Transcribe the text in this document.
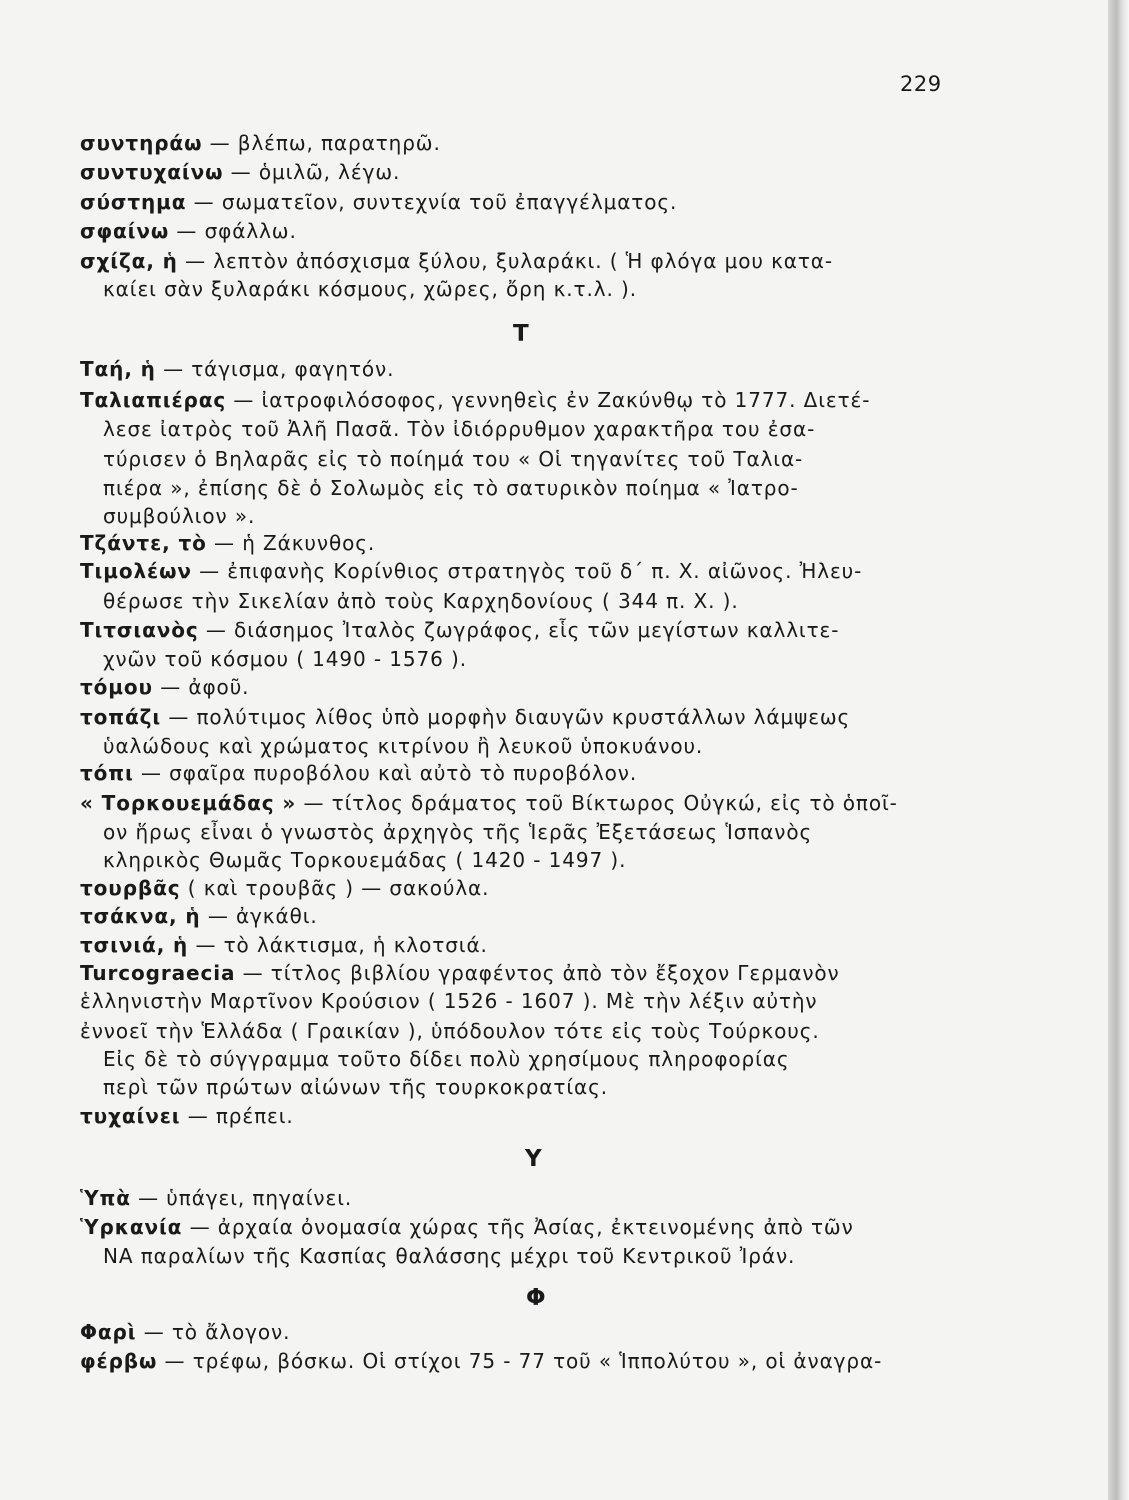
229
Τ
Υ
Φ
συντηράω — βλέπω, παρατηρῶ.
συντυχαίνω — ὁμιλῶ, λέγω.
σύστημα — σωματεῖον, συντεχνία τοῦ ἐπαγγέλματος.
σφαίνω — σφάλλω.
σχίζα, ἡ — λεπτὸν ἀπόσχισμα ξύλου, ξυλαράκι. ( Ἡ φλόγα μου κατα-
καίει σὰν ξυλαράκι κόσμους, χῶρες, ὄρη κ.τ.λ. ).
Ταή, ἡ — τάγισμα, φαγητόν.
Ταλιαπιέρας — ἰατροφιλόσοφος, γεννηθεὶς ἐν Ζακύνθῳ τὸ 1777. Διετέ-
λεσε ἰατρὸς τοῦ Ἀλῆ Πασᾶ. Τὸν ἰδιόρρυθμον χαρακτῆρα του ἐσα-
τύρισεν ὁ Βηλαρᾶς εἰς τὸ ποίημά του « Οἱ τηγανίτες τοῦ Ταλια-
πιέρα », ἐπίσης δὲ ὁ Σολωμὸς εἰς τὸ σατυρικὸν ποίημα « Ἰατρο-
συμβούλιον ».
Τζάντε, τὸ — ἡ Ζάκυνθος.
Τιμολέων — ἐπιφανὴς Κορίνθιος στρατηγὸς τοῦ δ΄ π. Χ. αἰῶνος. Ἠλευ-
θέρωσε τὴν Σικελίαν ἀπὸ τοὺς Καρχηδονίους ( 344 π. Χ. ).
Τιτσιανὸς — διάσημος Ἰταλὸς ζωγράφος, εἷς τῶν μεγίστων καλλιτε-
χνῶν τοῦ κόσμου ( 1490 - 1576 ).
τόμου — ἀφοῦ.
τοπάζι — πολύτιμος λίθος ὑπὸ μορφὴν διαυγῶν κρυστάλλων λάμψεως
ὑαλώδους καὶ χρώματος κιτρίνου ἢ λευκοῦ ὑποκυάνου.
τόπι — σφαῖρα πυροβόλου καὶ αὐτὸ τὸ πυροβόλον.
« Τορκουεμάδας » — τίτλος δράματος τοῦ Βίκτωρος Οὐγκώ, εἰς τὸ ὁποῖ-
ον ἥρως εἶναι ὁ γνωστὸς ἀρχηγὸς τῆς Ἱερᾶς Ἐξετάσεως Ἱσπανὸς
κληρικὸς Θωμᾶς Τορκουεμάδας ( 1420 - 1497 ).
τουρβᾶς ( καὶ τρουβᾶς ) — σακούλα.
τσάκνα, ἡ — ἀγκάθι.
τσινιά, ἡ — τὸ λάκτισμα, ἡ κλοτσιά.
Turcograecia — τίτλος βιβλίου γραφέντος ἀπὸ τὸν ἔξοχον Γερμανὸν
ἑλληνιστὴν Μαρτῖνον Κρούσιον ( 1526 - 1607 ). Μὲ τὴν λέξιν αὐτὴν
ἐννοεῖ τὴν Ἑλλάδα ( Γραικίαν ), ὑπόδουλον τότε εἰς τοὺς Τούρκους.
Εἰς δὲ τὸ σύγγραμμα τοῦτο δίδει πολὺ χρησίμους πληροφορίας
περὶ τῶν πρώτων αἰώνων τῆς τουρκοκρατίας.
τυχαίνει — πρέπει.
Ὑπὰ — ὑπάγει, πηγαίνει.
Ὑρκανία — ἀρχαία ὀνομασία χώρας τῆς Ἀσίας, ἐκτεινομένης ἀπὸ τῶν
ΝΑ παραλίων τῆς Κασπίας θαλάσσης μέχρι τοῦ Κεντρικοῦ Ἰράν.
Φαρὶ — τὸ ἄλογον.
φέρβω — τρέφω, βόσκω. Οἱ στίχοι 75 - 77 τοῦ « Ἱππολύτου », οἱ ἀναγρα-
